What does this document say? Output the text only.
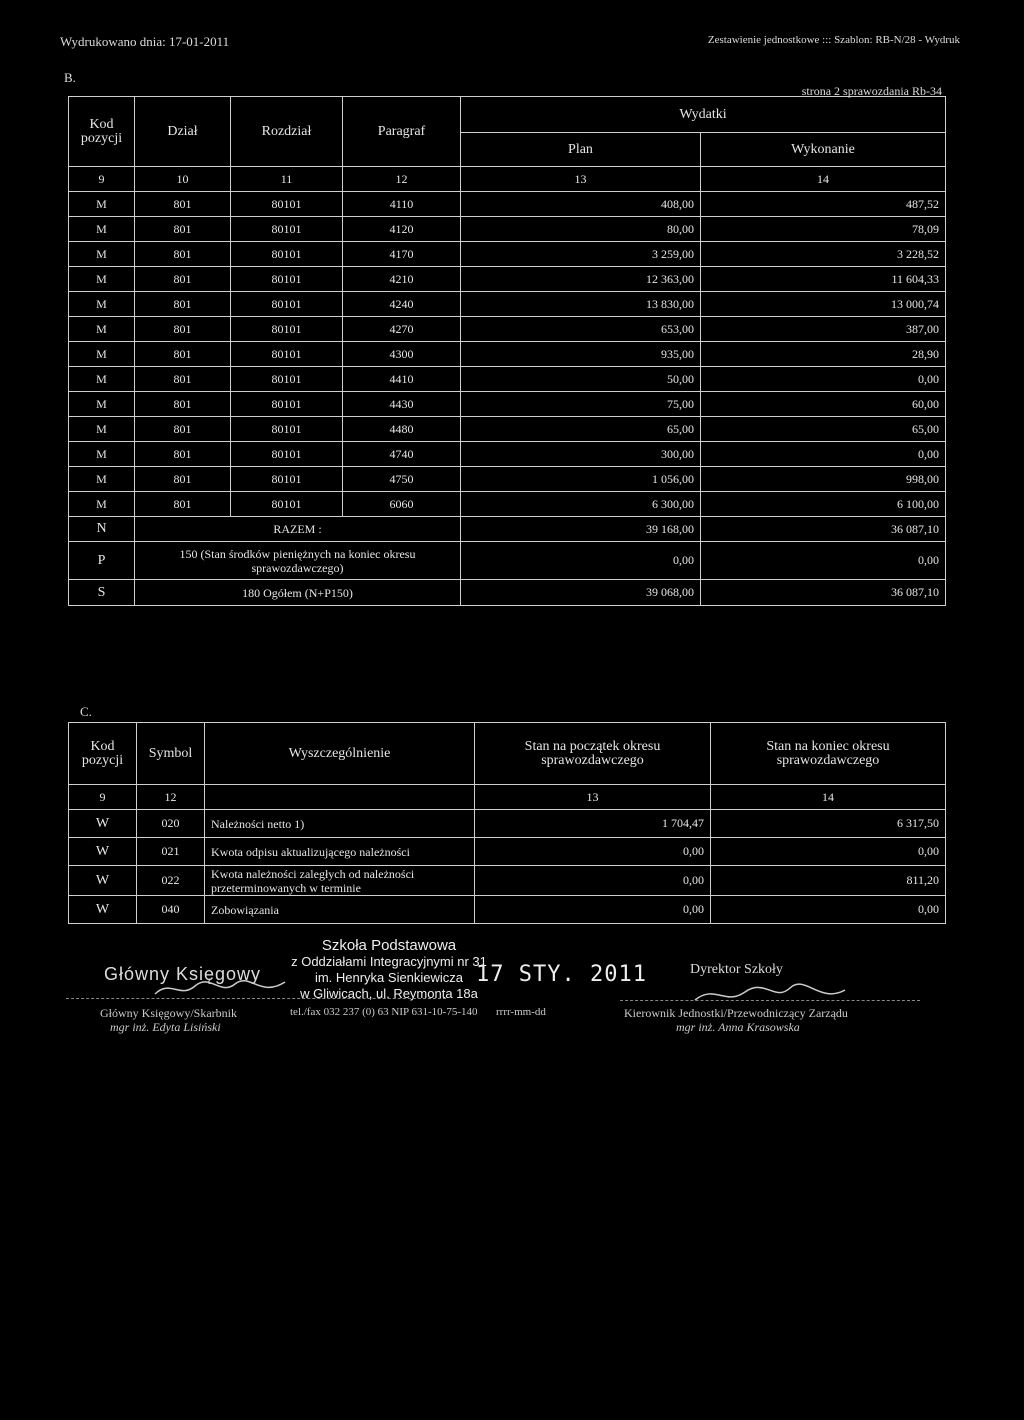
Wydrukowano dnia: 17-01-2011	Zestawienie jednostkowe ::: Szablon: RB-N/28 - Wydruk
B.
strona 2 sprawozdania Rb-34
Kod pozycji	Dział	Rozdział	Paragraf	Wydatki	
				Plan	Wykonanie
9	10	11	12	13	14
M	801	80101	4110	408,00	487,52
M	801	80101	4120	80,00	78,09
M	801	80101	4170	3 259,00	3 228,52
M	801	80101	4210	12 363,00	11 604,33
M	801	80101	4240	13 830,00	13 000,74
M	801	80101	4270	653,00	387,00
M	801	80101	4300	935,00	28,90
M	801	80101	4410	50,00	0,00
M	801	80101	4430	75,00	60,00
M	801	80101	4480	65,00	65,00
M	801	80101	4740	300,00	0,00
M	801	80101	4750	1 056,00	998,00
M	801	80101	6060	6 300,00	6 100,00
N	RAZEM :			39 168,00	36 087,10
P	150 (Stan środków pieniężnych na koniec okresu sprawozdawczego)			0,00	0,00
S	180 Ogółem (N+P150)			39 068,00	36 087,10
C.
Kod pozycji	Symbol	Wyszczególnienie	Stan na początek okresu sprawozdawczego	Stan na koniec okresu sprawozdawczego
9	12		13	14
W	020	Należności netto 1)	1 704,47	6 317,50
W	021	Kwota odpisu aktualizującego należności	0,00	0,00
W	022	Kwota należności zaległych od należności przeterminowanych w terminie	0,00	811,20
W	040	Zobowiązania	0,00	0,00
Szkoła Podstawowa
z Oddziałami Integracyjnymi nr 31
im. Henryka Sienkiewicza
w Gliwicach, ul. Reymonta 18a
17 STY. 2011
Główny Księgowy	Dyrektor Szkoły
Główny Księgowy/Skarbnik
mgr inż. Edyta Lisiński
tel./fax 032 237 (0) 63 NIP 631-10-75-140 rrrr-mm-dd	Kierownik Jednostki/Przewodniczący Zarządu
mgr inż. Anna Krasowska
